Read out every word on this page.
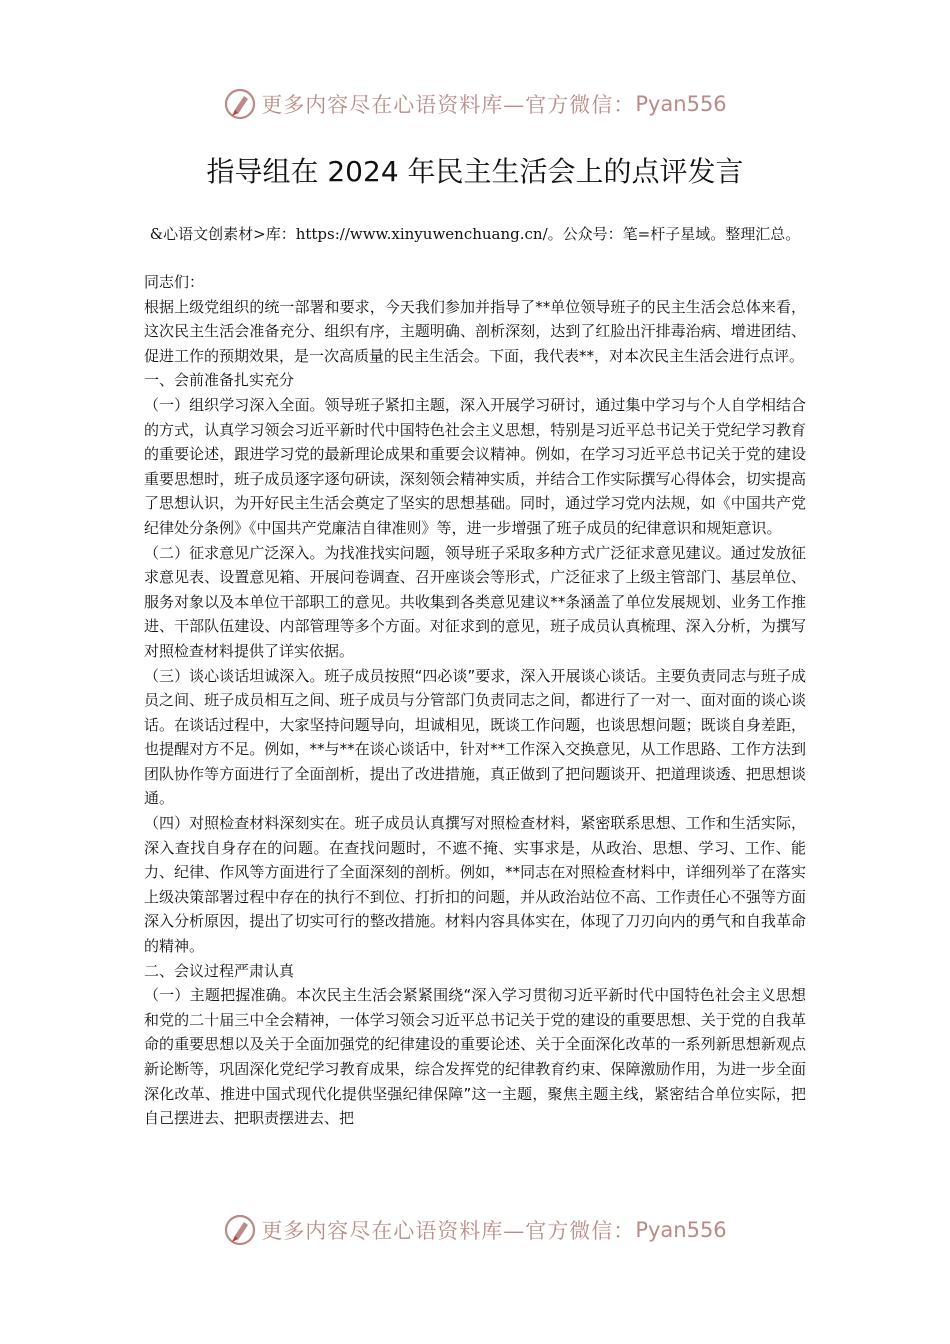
更多内容尽在心语资料库—官方微信： Pyan556
指导组在 2024 年民主生活会上的点评发言
&心语文创素材>库：https://www.xinyuwenchuang.cn/。公众号：笔=杆子星域。整理汇总。

同志们：

根据上级党组织的统一部署和要求，今天我们参加并指导了**单位领导班子的民主生活会总体来看，这次民主生活会准备充分、组织有序，主题明确、剖析深刻，达到了红脸出汗排毒治病、增进团结、促进工作的预期效果，是一次高质量的民主生活会。下面，我代表**，对本次民主生活会进行点评。

一、会前准备扎实充分

（一）组织学习深入全面。领导班子紧扣主题，深入开展学习研讨，通过集中学习与个人自学相结合的方式，认真学习领会习近平新时代中国特色社会主义思想，特别是习近平总书记关于党纪学习教育的重要论述，跟进学习党的最新理论成果和重要会议精神。例如，在学习习近平总书记关于党的建设重要思想时，班子成员逐字逐句研读，深刻领会精神实质，并结合工作实际撰写心得体会，切实提高了思想认识，为开好民主生活会奠定了坚实的思想基础。同时，通过学习党内法规，如《中国共产党纪律处分条例》《中国共产党廉洁自律准则》等，进一步增强了班子成员的纪律意识和规矩意识。

（二）征求意见广泛深入。为找准找实问题，领导班子采取多种方式广泛征求意见建议。通过发放征求意见表、设置意见箱、开展问卷调查、召开座谈会等形式，广泛征求了上级主管部门、基层单位、服务对象以及本单位干部职工的意见。共收集到各类意见建议**条涵盖了单位发展规划、业务工作推进、干部队伍建设、内部管理等多个方面。对征求到的意见，班子成员认真梳理、深入分析，为撰写对照检查材料提供了详实依据。

（三）谈心谈话坦诚深入。班子成员按照“四必谈”要求，深入开展谈心谈话。主要负责同志与班子成员之间、班子成员相互之间、班子成员与分管部门负责同志之间，都进行了一对一、面对面的谈心谈话。在谈话过程中，大家坚持问题导向，坦诚相见，既谈工作问题，也谈思想问题；既谈自身差距，也提醒对方不足。例如，**与**在谈心谈话中，针对**工作深入交换意见，从工作思路、工作方法到团队协作等方面进行了全面剖析，提出了改进措施，真正做到了把问题谈开、把道理谈透、把思想谈通。

（四）对照检查材料深刻实在。班子成员认真撰写对照检查材料，紧密联系思想、工作和生活实际，深入查找自身存在的问题。在查找问题时，不遮不掩、实事求是，从政治、思想、学习、工作、能力、纪律、作风等方面进行了全面深刻的剖析。例如，**同志在对照检查材料中，详细列举了在落实上级决策部署过程中存在的执行不到位、打折扣的问题，并从政治站位不高、工作责任心不强等方面深入分析原因，提出了切实可行的整改措施。材料内容具体实在，体现了刀刃向内的勇气和自我革命的精神。

二、会议过程严肃认真

（一）主题把握准确。本次民主生活会紧紧围绕“深入学习贯彻习近平新时代中国特色社会主义思想和党的二十届三中全会精神，一体学习领会习近平总书记关于党的建设的重要思想、关于党的自我革命的重要思想以及关于全面加强党的纪律建设的重要论述、关于全面深化改革的一系列新思想新观点新论断等，巩固深化党纪学习教育成果，综合发挥党的纪律教育约束、保障激励作用，为进一步全面深化改革、推进中国式现代化提供坚强纪律保障”这一主题，聚焦主题主线，紧密结合单位实际，把自己摆进去、把职责摆进去、把

更多内容尽在心语资料库—官方微信： Pyan556
